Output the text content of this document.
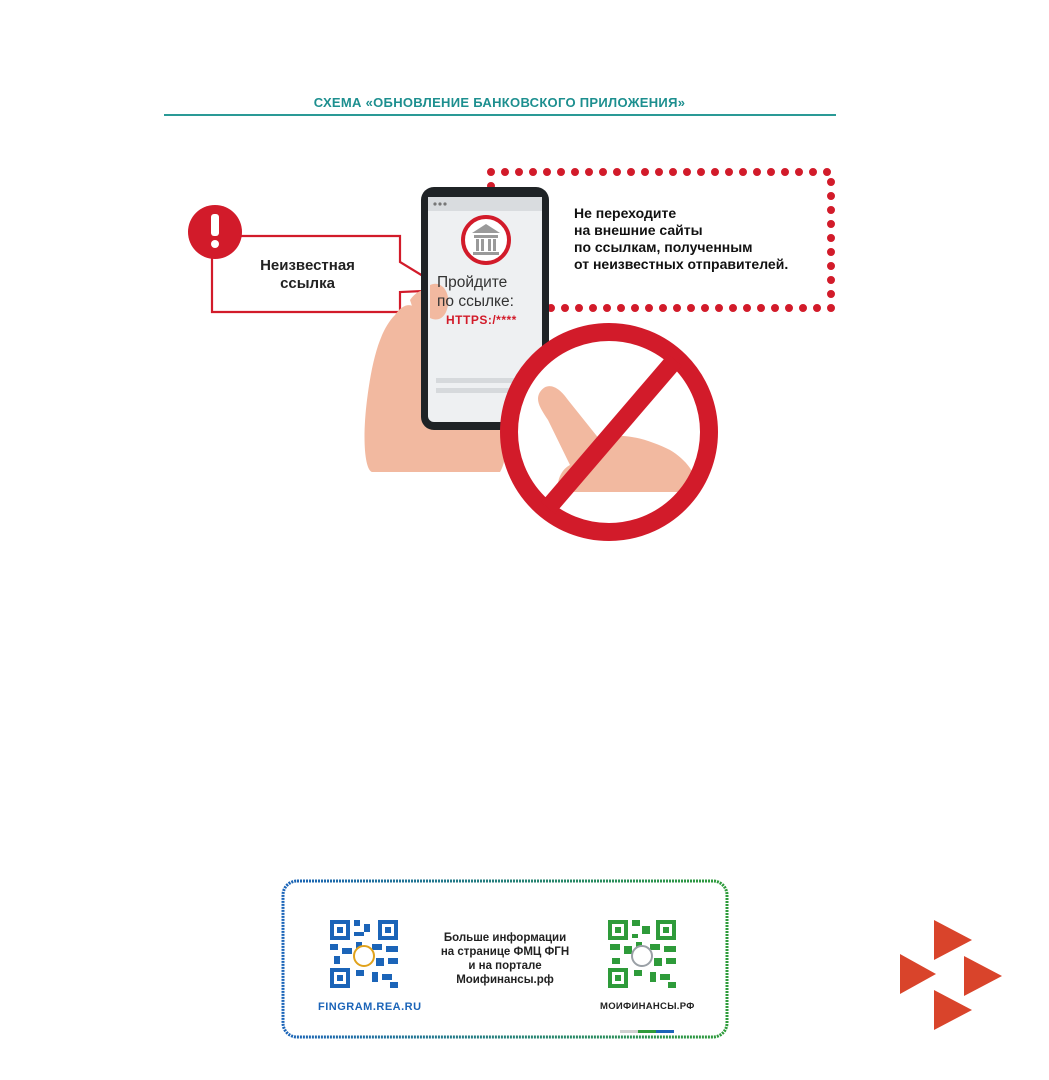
СХЕМА «ОБНОВЛЕНИЕ БАНКОВСКОГО ПРИЛОЖЕНИЯ»
Не переходите
на внешние сайты
по ссылкам, полученным
от неизвестных отправителей.
Неизвестная
ссылка	Пройдите
по ссылке:
HTTPS:/****
Больше информации
на странице ФМЦ ФГН
и на портале
Моифинансы.рф
FINGRAM.REA.RU	МОИФИНАНСЫ.РФ
